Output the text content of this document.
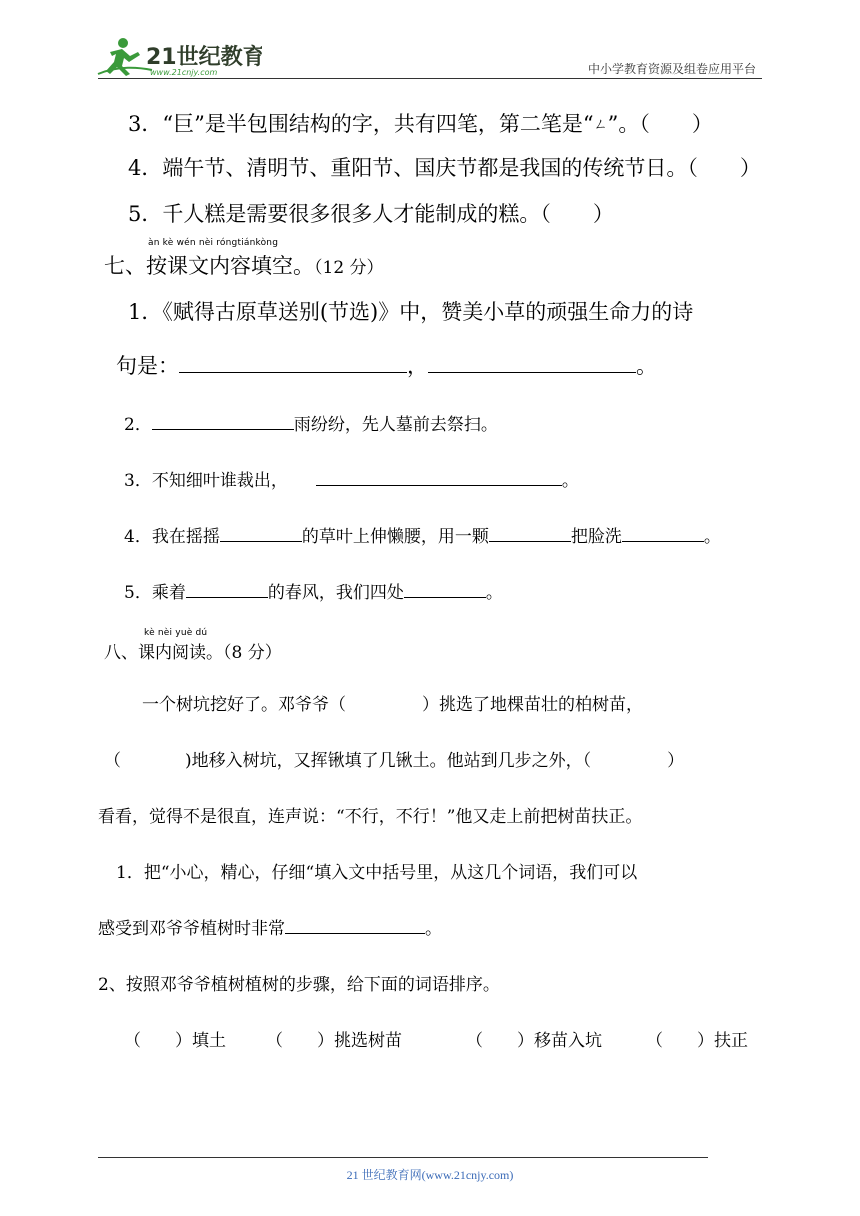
21世纪教育
www.21cnjy.com	中小学教育资源及组卷应用平台
3．“巨”是半包围结构的字，共有四笔，第二笔是“ㄥ”。（　　）
4．端午节、清明节、重阳节、国庆节都是我国的传统节日。（　　）
5．千人糕是需要很多很多人才能制成的糕。（　　）
àn kè wén nèi róngtiánkòng
七、按课文内容填空。（12 分）
1．《赋得古原草送别(节选)》中，赞美小草的顽强生命力的诗
句是：	，	。
2．	雨纷纷，先人墓前去祭扫。
3．不知细叶谁裁出，	。
4．我在摇摇	的草叶上伸懒腰，用一颗	把脸洗	。
5．乘着	的春风，我们四处	。
kè nèi yuè dú
八、课内阅读。（8 分）
一个树坑挖好了。邓爷爷（	）挑选了地棵苗壮的柏树苗，
（	)地移入树坑，又挥锹填了几锹土。他站到几步之外，（	）
看看，觉得不是很直，连声说：“不行，不行！”他又走上前把树苗扶正。
1．把“小心，精心，仔细“填入文中括号里，从这几个词语，我们可以
感受到邓爷爷植树时非常	。
2、按照邓爷爷植树植树的步骤，给下面的词语排序。
（　　）填土 （　　）挑选树苗	（　　）移苗入坑	（　　）扶正
21 世纪教育网(www.21cnjy.com)
